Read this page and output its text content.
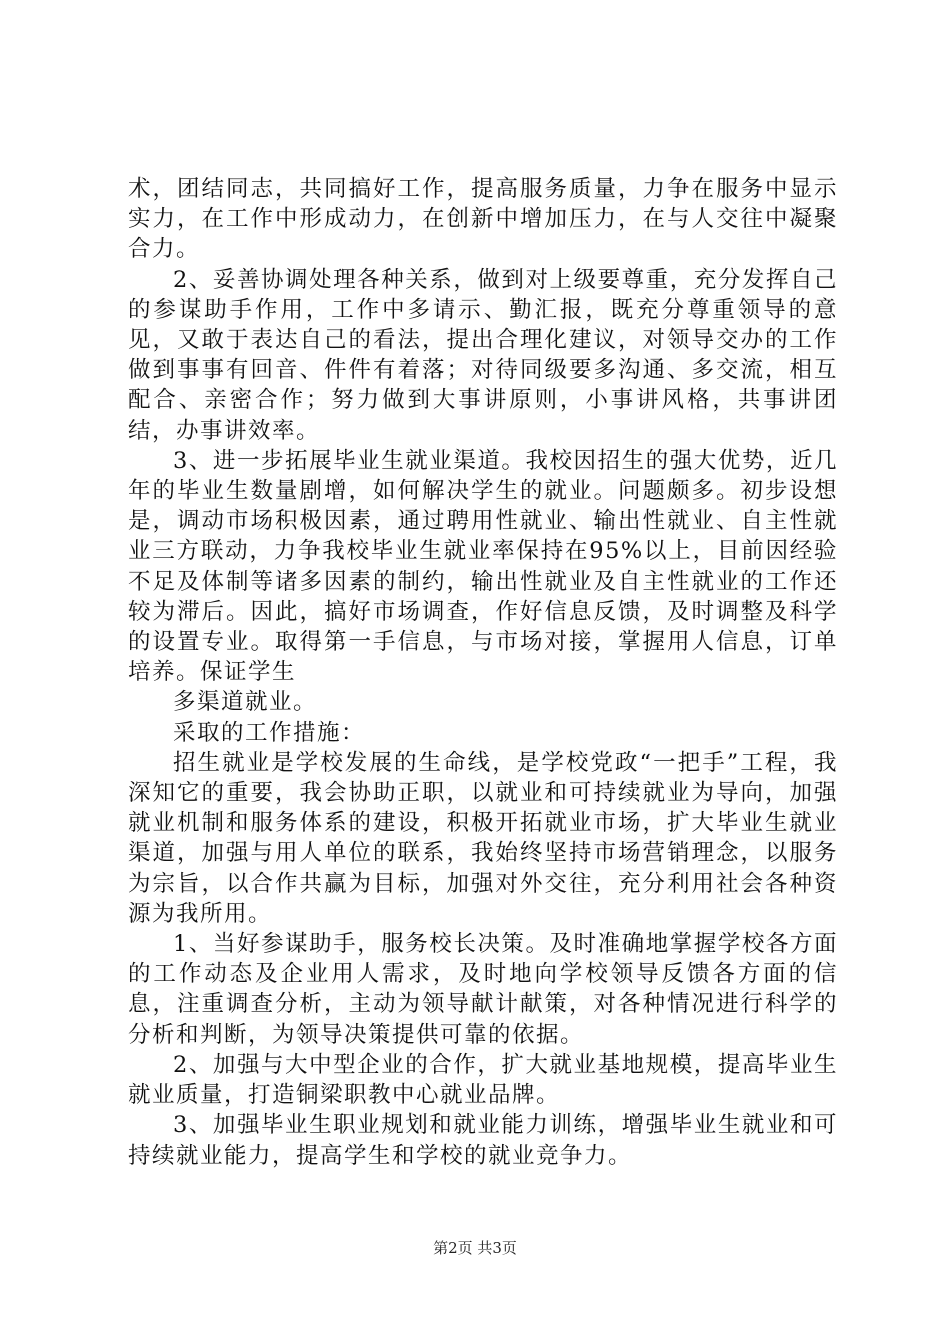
术，团结同志，共同搞好工作，提高服务质量，力争在服务中显示实力，在工作中形成动力，在创新中增加压力，在与人交往中凝聚合力。

2、妥善协调处理各种关系，做到对上级要尊重，充分发挥自己的参谋助手作用，工作中多请示、勤汇报，既充分尊重领导的意见，又敢于表达自己的看法，提出合理化建议，对领导交办的工作做到事事有回音、件件有着落；对待同级要多沟通、多交流，相互配合、亲密合作；努力做到大事讲原则，小事讲风格，共事讲团结，办事讲效率。

3、进一步拓展毕业生就业渠道。我校因招生的强大优势，近几年的毕业生数量剧增，如何解决学生的就业。问题颇多。初步设想是，调动市场积极因素，通过聘用性就业、输出性就业、自主性就业三方联动，力争我校毕业生就业率保持在95%以上，目前因经验不足及体制等诸多因素的制约，输出性就业及自主性就业的工作还较为滞后。因此，搞好市场调查，作好信息反馈，及时调整及科学的设置专业。取得第一手信息，与市场对接，掌握用人信息，订单培养。保证学生

多渠道就业。

采取的工作措施：

招生就业是学校发展的生命线，是学校党政“一把手”工程，我深知它的重要，我会协助正职，以就业和可持续就业为导向，加强就业机制和服务体系的建设，积极开拓就业市场，扩大毕业生就业渠道，加强与用人单位的联系，我始终坚持市场营销理念，以服务为宗旨，以合作共赢为目标，加强对外交往，充分利用社会各种资源为我所用。

1、当好参谋助手，服务校长决策。及时准确地掌握学校各方面的工作动态及企业用人需求，及时地向学校领导反馈各方面的信息，注重调查分析，主动为领导献计献策，对各种情况进行科学的分析和判断，为领导决策提供可靠的依据。

2、加强与大中型企业的合作，扩大就业基地规模，提高毕业生就业质量，打造铜梁职教中心就业品牌。

3、加强毕业生职业规划和就业能力训练，增强毕业生就业和可持续就业能力，提高学生和学校的就业竞争力。

第2页 共3页
